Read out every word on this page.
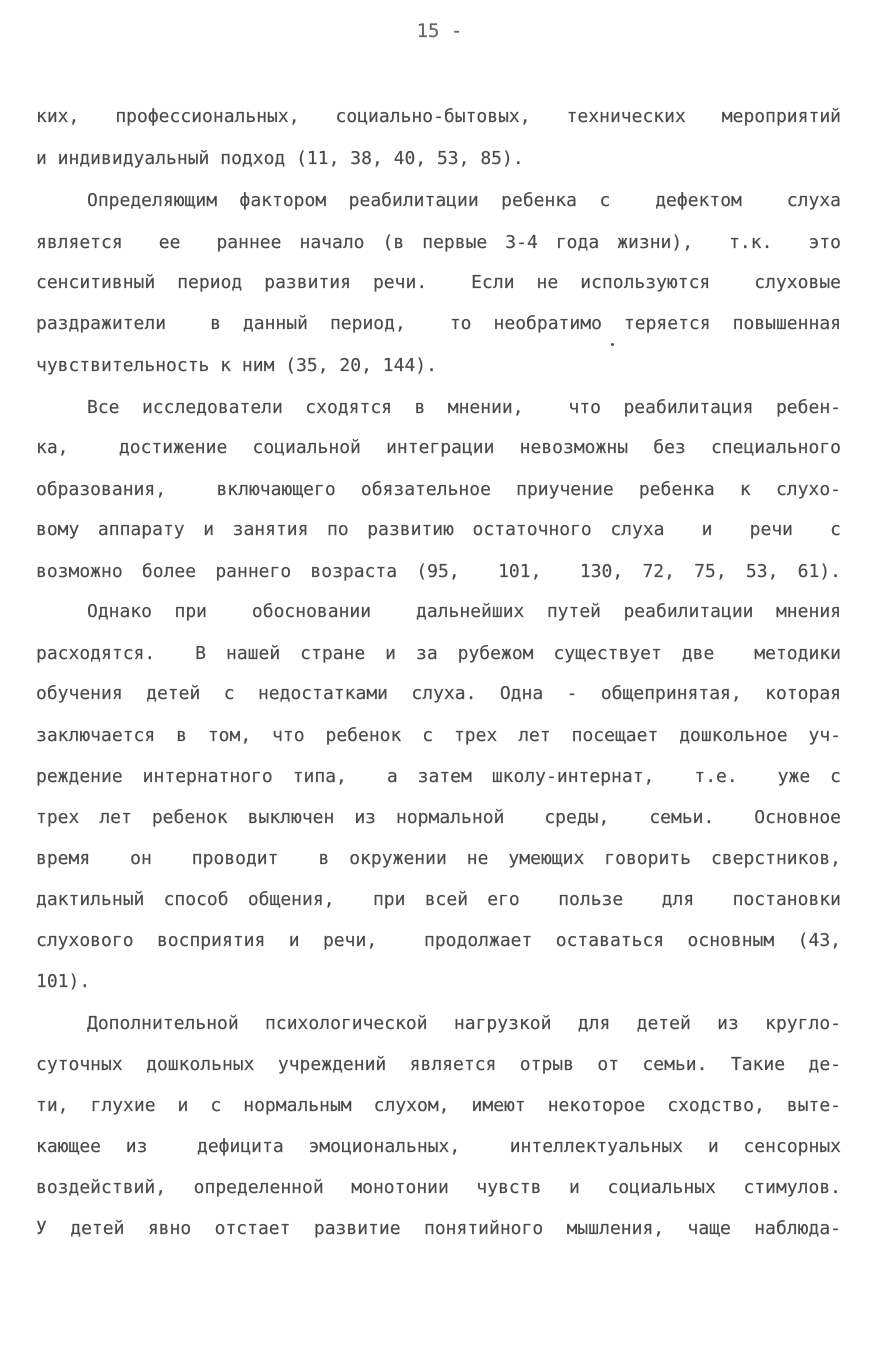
15 -
ких, профессиональных, социально-бытовых, технических мероприятий
и индивидуальный подход (11, 38, 40, 53, 85).
Определяющим фактором реабилитации ребенка с  дефектом  слуха
является  ее  раннее начало (в первые 3-4 года жизни),  т.к.  это
сенситивный период развития речи.  Если не используются  слуховые
раздражители  в данный период,  то необратимо теряется повышенная
чувствительность к ним (35, 20, 144).
Все исследователи сходятся в мнении,  что реабилитация ребен-
ка,  достижение социальной интеграции невозможны без специального
образования,  включающего обязательное приучение ребенка к слухо-
вому аппарату и занятия по развитию остаточного слуха  и  речи  с
возможно более раннего возраста (95,  101,  130, 72, 75, 53, 61).
Однако при  обосновании  дальнейших путей реабилитации мнения
расходятся.  В нашей стране и за рубежом существует две  методики
обучения детей с недостатками слуха. Одна - общепринятая, которая
заключается в том, что ребенок с трех лет посещает дошкольное уч-
реждение интернатного типа,  а затем школу-интернат,  т.е.  уже с
трех лет ребенок выключен из нормальной  среды,  семьи.  Основное
время  он  проводит  в окружении не умеющих говорить сверстников,
дактильный способ общения,  при всей его  пользе  для  постановки
слухового восприятия и речи,  продолжает оставаться основным (43,
101).
Дополнительной психологической нагрузкой для детей из кругло-
суточных дошкольных учреждений является отрыв от семьи. Такие де-
ти, глухие и с нормальным слухом, имеют некоторое сходство, выте-
кающее из  дефицита эмоциональных,  интеллектуальных и сенсорных
воздействий, определенной монотонии чувств и социальных стимулов.
У детей явно отстает развитие понятийного мышления, чаще наблюда-
